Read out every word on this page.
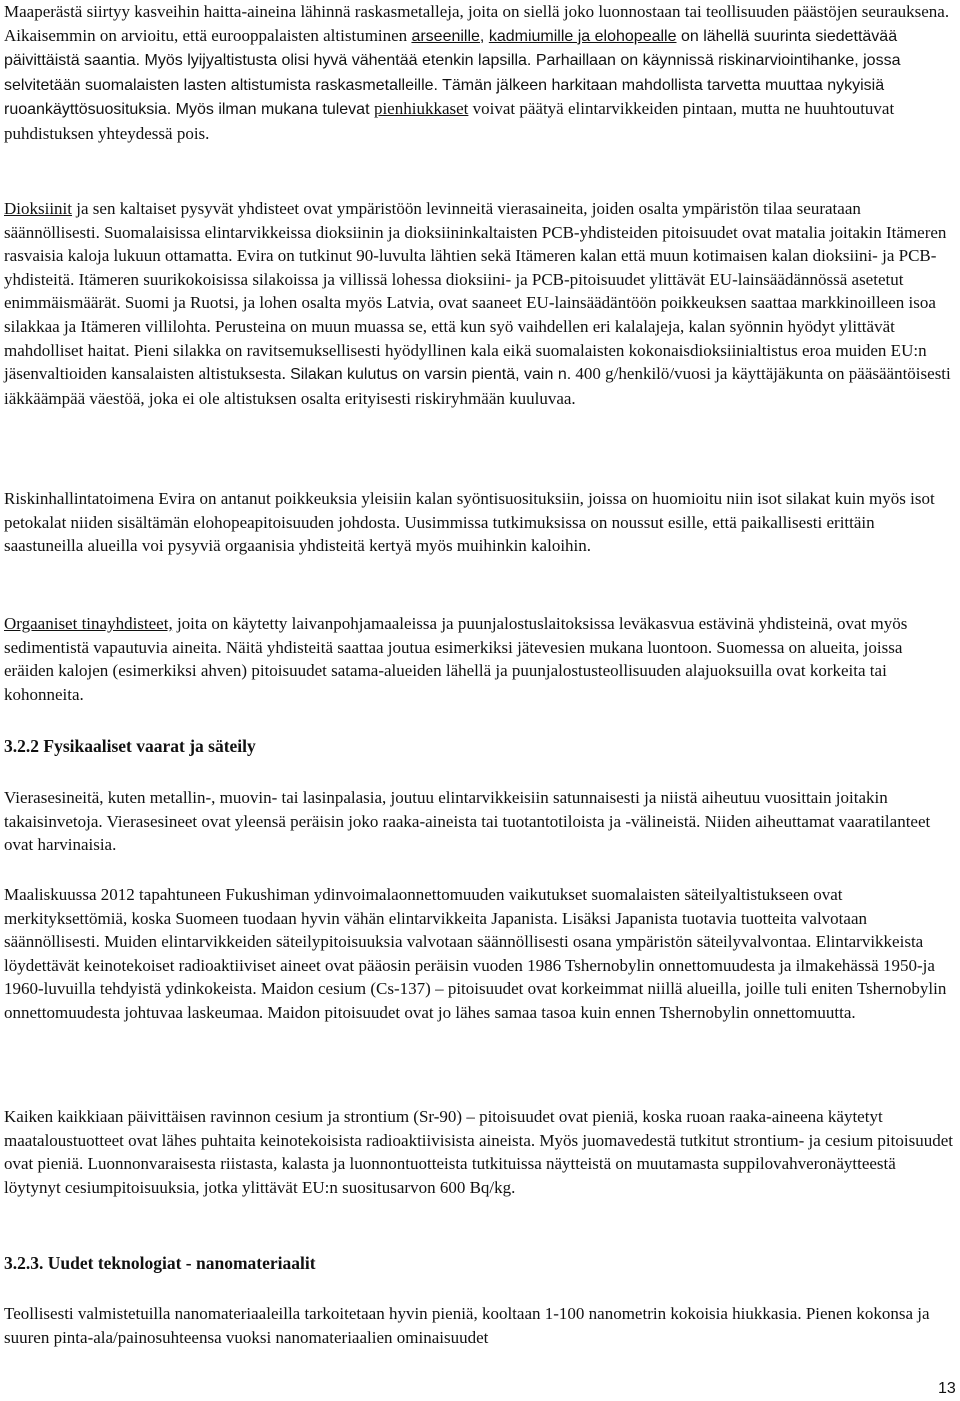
Maaperästä siirtyy kasveihin haitta-aineina lähinnä raskasmetalleja, joita on siellä joko luonnostaan tai teollisuuden päästöjen seurauksena. Aikaisemmin on arvioitu, että eurooppalaisten altistuminen arseenille, kadmiumille ja elohopealle on lähellä suurinta siedettävää päivittäistä saantia. Myös lyijyaltistusta olisi hyvä vähentää etenkin lapsilla. Parhaillaan on käynnissä riskinarviointihanke, jossa selvitetään suomalaisten lasten altistumista raskasmetalleille. Tämän jälkeen harkitaan mahdollista tarvetta muuttaa nykyisiä ruoankäyttösuosituksia. Myös ilman mukana tulevat pienhiukkaset voivat päätyä elintarvikkeiden pintaan, mutta ne huuhtoutuvat puhdistuksen yhteydessä pois.
Dioksiinit ja sen kaltaiset pysyvät yhdisteet ovat ympäristöön levinneitä vierasaineita, joiden osalta ympäristön tilaa seurataan säännöllisesti. Suomalaisissa elintarvikkeissa dioksiinin ja dioksiininkaltaisten PCB-yhdisteiden pitoisuudet ovat matalia joitakin Itämeren rasvaisia kaloja lukuun ottamatta. Evira on tutkinut 90-luvulta lähtien sekä Itämeren kalan että muun kotimaisen kalan dioksiini- ja PCB-yhdisteitä. Itämeren suurikokoisissa silakoissa ja villissä lohessa dioksiini- ja PCB-pitoisuudet ylittävät EU-lainsäädännössä asetetut enimmäismäärät. Suomi ja Ruotsi, ja lohen osalta myös Latvia, ovat saaneet EU-lainsäädäntöön poikkeuksen saattaa markkinoilleen isoa silakkaa ja Itämeren villilohta. Perusteina on muun muassa se, että kun syö vaihdellen eri kalalajeja, kalan syönnin hyödyt ylittävät mahdolliset haitat. Pieni silakka on ravitsemuksellisesti hyödyllinen kala eikä suomalaisten kokonaisdioksiinialtistus eroa muiden EU:n jäsenvaltioiden kansalaisten altistuksesta. Silakan kulutus on varsin pientä, vain n. 400 g/henkilö/vuosi ja käyttäjäkunta on pääsääntöisesti iäkkäämpää väestöä, joka ei ole altistuksen osalta erityisesti riskiryhmään kuuluvaa.
Riskinhallintatoimena Evira on antanut poikkeuksia yleisiin kalan syöntisuosituksiin, joissa on huomioitu niin isot silakat kuin myös isot petokalat niiden sisältämän elohopeapitoisuuden johdosta. Uusimmissa tutkimuksissa on noussut esille, että paikallisesti erittäin saastuneilla alueilla voi pysyviä orgaanisia yhdisteitä kertyä myös muihinkin kaloihin.
Orgaaniset tinayhdisteet, joita on käytetty laivanpohjamaaleissa ja puunjalostuslaitoksissa leväkasvua estävinä yhdisteinä, ovat myös sedimentistä vapautuvia aineita. Näitä yhdisteitä saattaa joutua esimerkiksi jätevesien mukana luontoon. Suomessa on alueita, joissa eräiden kalojen (esimerkiksi ahven) pitoisuudet satama-alueiden lähellä ja puunjalostusteollisuuden alajuoksuilla ovat korkeita tai kohonneita.
3.2.2 Fysikaaliset vaarat ja säteily
Vierasesineitä, kuten metallin-, muovin- tai lasinpalasia, joutuu elintarvikkeisiin satunnaisesti ja niistä aiheutuu vuosittain joitakin takaisinvetoja. Vierasesineet ovat yleensä peräisin joko raaka-aineista tai tuotantotiloista ja -välineistä. Niiden aiheuttamat vaaratilanteet ovat harvinaisia.
Maaliskuussa 2012 tapahtuneen Fukushiman ydinvoimalaonnettomuuden vaikutukset suomalaisten säteilyaltistukseen ovat merkityksettömiä, koska Suomeen tuodaan hyvin vähän elintarvikkeita Japanista. Lisäksi Japanista tuotavia tuotteita valvotaan säännöllisesti. Muiden elintarvikkeiden säteilypitoisuuksia valvotaan säännöllisesti osana ympäristön säteilyvalvontaa. Elintarvikkeista löydettävät keinotekoiset radioaktiiviset aineet ovat pääosin peräisin vuoden 1986 Tshernobylin onnettomuudesta ja ilmakehässä 1950-ja 1960-luvuilla tehdyistä ydinkokeista. Maidon cesium (Cs-137) – pitoisuudet ovat korkeimmat niillä alueilla, joille tuli eniten Tshernobylin onnettomuudesta johtuvaa laskeumaa. Maidon pitoisuudet ovat jo lähes samaa tasoa kuin ennen Tshernobylin onnettomuutta.
Kaiken kaikkiaan päivittäisen ravinnon cesium ja strontium (Sr-90) – pitoisuudet ovat pieniä, koska ruoan raaka-aineena käytetyt maataloustuotteet ovat lähes puhtaita keinotekoisista radioaktiivisista aineista. Myös juomavedestä tutkitut strontium- ja cesium pitoisuudet ovat pieniä. Luonnonvaraisesta riistasta, kalasta ja luonnontuotteista tutkituissa näytteistä on muutamasta suppilovahveronäytteestä löytynyt cesiumpitoisuuksia, jotka ylittävät EU:n suositusarvon 600 Bq/kg.
3.2.3. Uudet teknologiat - nanomateriaalit
Teollisesti valmistetuilla nanomateriaaleilla tarkoitetaan hyvin pieniä, kooltaan 1-100 nanometrin kokoisia hiukkasia. Pienen kokonsa ja suuren pinta-ala/painosuhteensa vuoksi nanomateriaalien ominaisuudet
13
